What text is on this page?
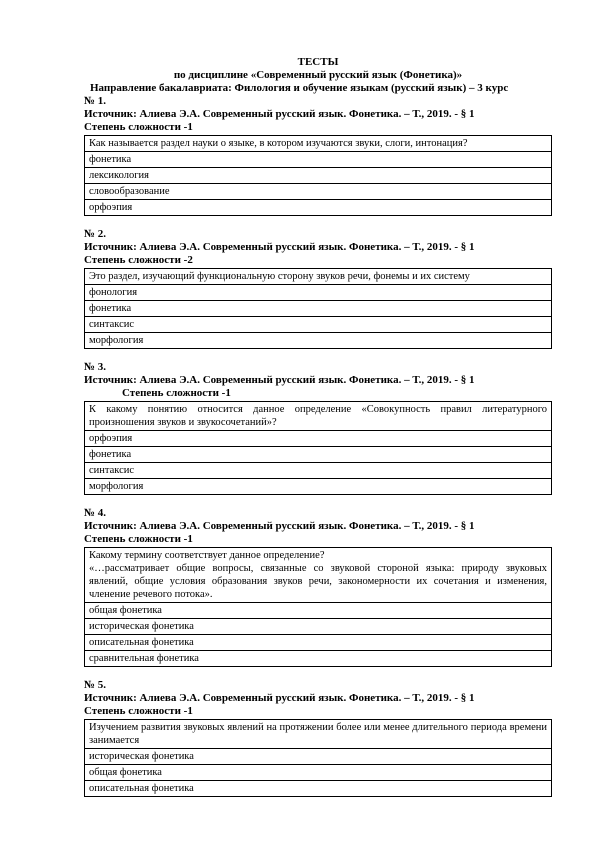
ТЕСТЫ
по дисциплине «Современный русский язык (Фонетика)»
Направление бакалавриата: Филология и обучение языкам (русский язык) – 3 курс
№ 1.
Источник: Алиева Э.А. Современный русский язык. Фонетика. – Т., 2019. - § 1
Степень сложности -1
Как называется раздел науки о языке, в котором изучаются звуки, слоги, интонация?
фонетика
лексикология
словообразование
орфоэпия
№ 2.
Источник: Алиева Э.А. Современный русский язык. Фонетика. – Т., 2019. - § 1
Степень сложности -2
Это раздел, изучающий функциональную сторону звуков речи, фонемы и их систему
фонология
фонетика
синтаксис
морфология
№ 3.
Источник: Алиева Э.А. Современный русский язык. Фонетика. – Т., 2019. - § 1
Степень сложности -1
К какому понятию относится данное определение «Совокупность правил литературного произношения звуков и звукосочетаний»?
орфоэпия
фонетика
синтаксис
морфология
№ 4.
Источник: Алиева Э.А. Современный русский язык. Фонетика. – Т., 2019. - § 1
Степень сложности -1
Какому термину соответствует данное определение?
«…рассматривает общие вопросы, связанные со звуковой стороной языка: природу звуковых явлений, общие условия образования звуков речи, закономерности их сочетания и изменения, членение речевого потока».
общая фонетика
историческая фонетика
описательная фонетика
сравнительная фонетика
№ 5.
Источник: Алиева Э.А. Современный русский язык. Фонетика. – Т., 2019. - § 1
Степень сложности -1
Изучением развития звуковых явлений на протяжении более или менее длительного периода времени занимается
историческая фонетика
общая фонетика
описательная фонетика
